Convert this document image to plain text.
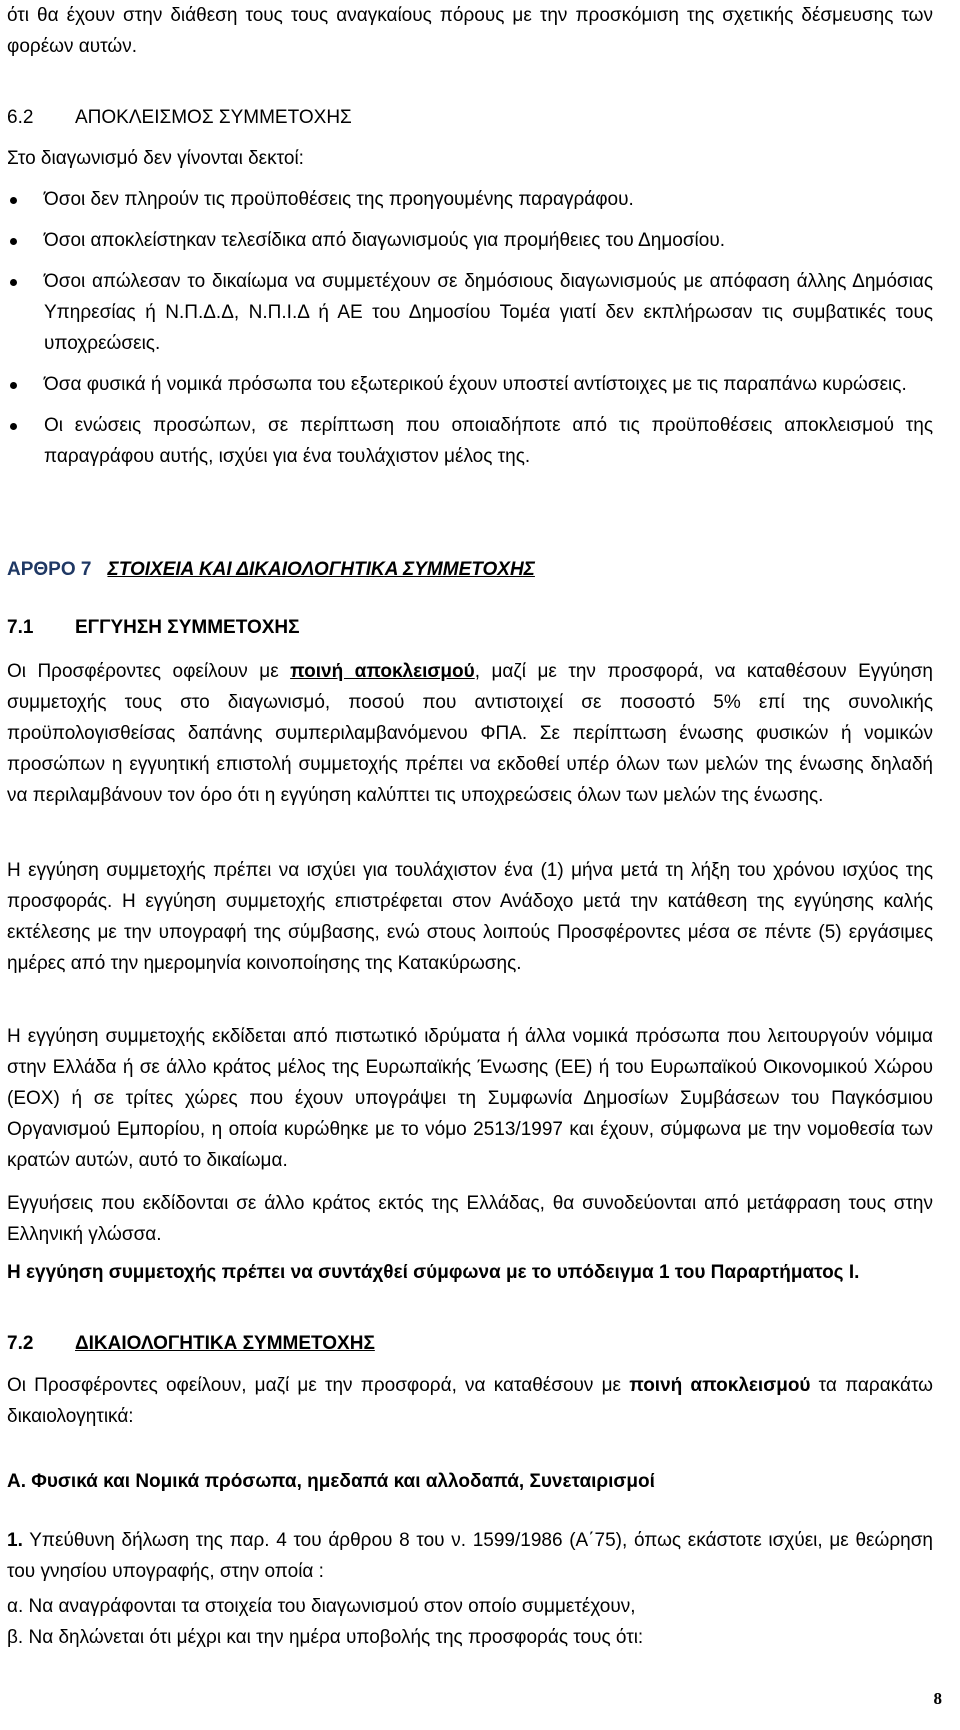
ότι θα έχουν στην διάθεση τους τους αναγκαίους πόρους με την προσκόμιση της σχετικής δέσμευσης των φορέων αυτών.

6.2 ΑΠΟΚΛΕΙΣΜΟΣ ΣΥΜΜΕΤΟΧΗΣ

Στο διαγωνισμό δεν γίνονται δεκτοί:

Όσοι δεν πληρούν τις προϋποθέσεις της προηγουμένης παραγράφου.
Όσοι αποκλείστηκαν τελεσίδικα από διαγωνισμούς για προμήθειες του Δημοσίου.
Όσοι απώλεσαν το δικαίωμα να συμμετέχουν σε δημόσιους διαγωνισμούς με απόφαση άλλης Δημόσιας Υπηρεσίας ή Ν.Π.Δ.Δ, Ν.Π.Ι.Δ ή ΑΕ του Δημοσίου Τομέα γιατί δεν εκπλήρωσαν τις συμβατικές τους υποχρεώσεις.
Όσα φυσικά ή νομικά πρόσωπα του εξωτερικού έχουν υποστεί αντίστοιχες με τις παραπάνω κυρώσεις.
Οι ενώσεις προσώπων, σε περίπτωση που οποιαδήποτε από τις προϋποθέσεις αποκλεισμού της παραγράφου αυτής, ισχύει για ένα τουλάχιστον μέλος της.
ΑΡΘΡΟ 7 ΣΤΟΙΧΕΙΑ ΚΑΙ ΔΙΚΑΙΟΛΟΓΗΤΙΚΑ ΣΥΜΜΕΤΟΧΗΣ
7.1 ΕΓΓΥΗΣΗ ΣΥΜΜΕΤΟΧΗΣ

Οι Προσφέροντες οφείλουν με ποινή αποκλεισμού, μαζί με την προσφορά, να καταθέσουν Εγγύηση συμμετοχής τους στο διαγωνισμό, ποσού που αντιστοιχεί σε ποσοστό 5% επί της συνολικής προϋπολογισθείσας δαπάνης συμπεριλαμβανόμενου ΦΠΑ. Σε περίπτωση ένωσης φυσικών ή νομικών προσώπων η εγγυητική επιστολή συμμετοχής πρέπει να εκδοθεί υπέρ όλων των μελών της ένωσης δηλαδή να περιλαμβάνουν τον όρο ότι η εγγύηση καλύπτει τις υποχρεώσεις όλων των μελών της ένωσης.

Η εγγύηση συμμετοχής πρέπει να ισχύει για τουλάχιστον ένα (1) μήνα μετά τη λήξη του χρόνου ισχύος της προσφοράς. Η εγγύηση συμμετοχής επιστρέφεται στον Ανάδοχο μετά την κατάθεση της εγγύησης καλής εκτέλεσης με την υπογραφή της σύμβασης, ενώ στους λοιπούς Προσφέροντες μέσα σε πέντε (5) εργάσιμες ημέρες από την ημερομηνία κοινοποίησης της Κατακύρωσης.

Η εγγύηση συμμετοχής εκδίδεται από πιστωτικό ιδρύματα ή άλλα νομικά πρόσωπα που λειτουργούν νόμιμα στην Ελλάδα ή σε άλλο κράτος μέλος της Ευρωπαϊκής Ένωσης (ΕΕ) ή του Ευρωπαϊκού Οικονομικού Χώρου (ΕΟΧ) ή σε τρίτες χώρες που έχουν υπογράψει τη Συμφωνία Δημοσίων Συμβάσεων του Παγκόσμιου Οργανισμού Εμπορίου, η οποία κυρώθηκε με το νόμο 2513/1997 και έχουν, σύμφωνα με την νομοθεσία των κρατών αυτών, αυτό το δικαίωμα.

Εγγυήσεις που εκδίδονται σε άλλο κράτος εκτός της Ελλάδας, θα συνοδεύονται από μετάφραση τους στην Ελληνική γλώσσα.

Η εγγύηση συμμετοχής πρέπει να συντάχθεί σύμφωνα με το υπόδειγμα 1 του Παραρτήματος Ι.

7.2 ΔΙΚΑΙΟΛΟΓΗΤΙΚΑ ΣΥΜΜΕΤΟΧΗΣ

Οι Προσφέροντες οφείλουν, μαζί με την προσφορά, να καταθέσουν με ποινή αποκλεισμού τα παρακάτω δικαιολογητικά:

Α. Φυσικά και Νομικά πρόσωπα, ημεδαπά και αλλοδαπά, Συνεταιρισμοί

1. Υπεύθυνη δήλωση της παρ. 4 του άρθρου 8 του ν. 1599/1986 (Α΄75), όπως εκάστοτε ισχύει, με θεώρηση του γνησίου υπογραφής, στην οποία :

α. Να αναγράφονται τα στοιχεία του διαγωνισμού στον οποίο συμμετέχουν,

β. Να δηλώνεται ότι μέχρι και την ημέρα υποβολής της προσφοράς τους ότι:

8
